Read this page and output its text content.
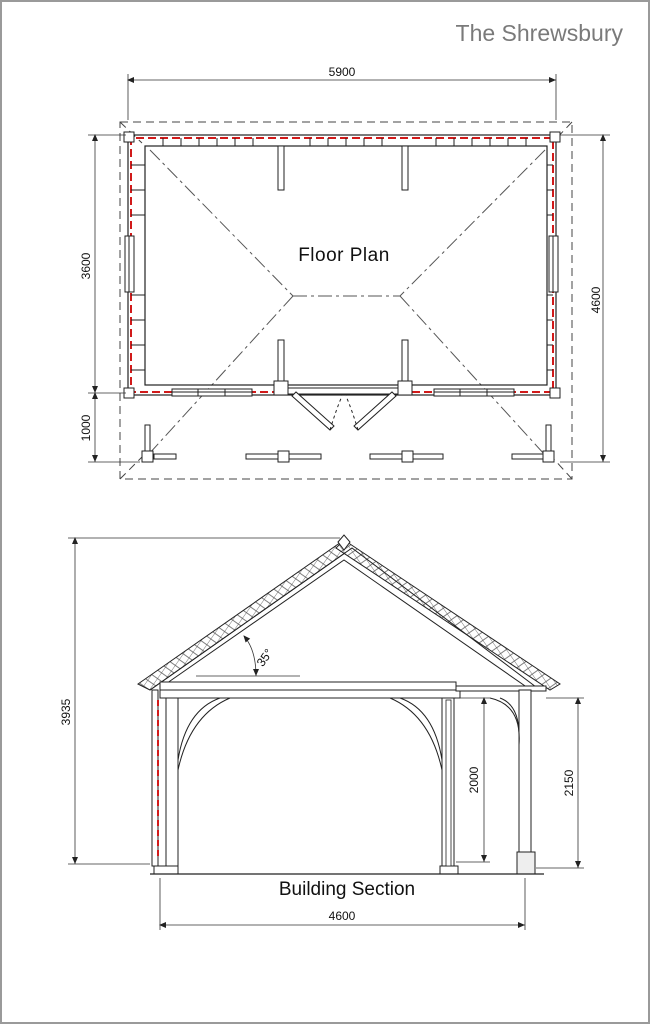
The Shrewsbury
5900
3600
1000
4600
Floor Plan
35°
3935
2000	2150
4600
Building Section
